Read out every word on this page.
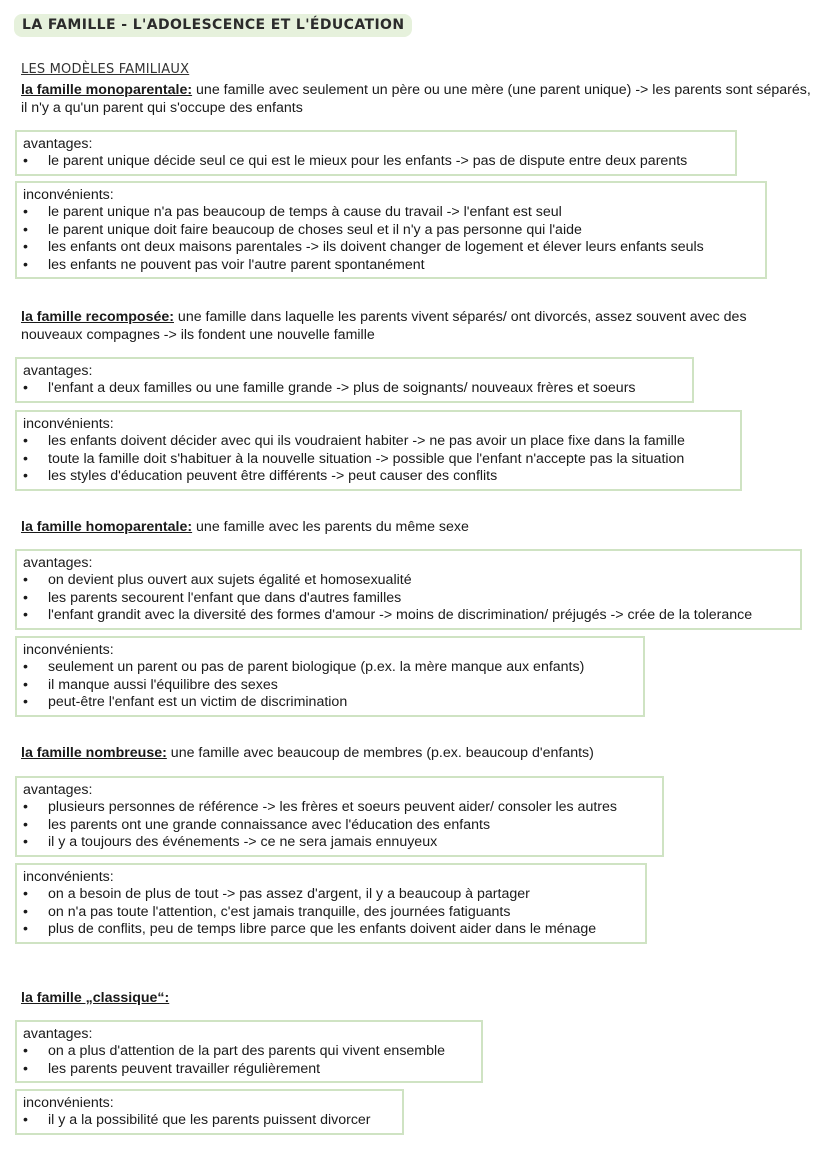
LA FAMILLE - L'ADOLESCENCE ET L'ÉDUCATION
LES MODÈLES FAMILIAUX

la famille monoparentale: une famille avec seulement un père ou une mère (une parent unique) -> les parents sont séparés, il n'y a qu'un parent qui s'occupe des enfants

avantages:
• le parent unique décide seul ce qui est le mieux pour les enfants -> pas de dispute entre deux parents
inconvénients:
• le parent unique n'a pas beaucoup de temps à cause du travail -> l'enfant est seul
• le parent unique doit faire beaucoup de choses seul et il n'y a pas personne qui l'aide
• les enfants ont deux maisons parentales -> ils doivent changer de logement et élever leurs enfants seuls
• les enfants ne pouvent pas voir l'autre parent spontanément

la famille recomposée: une famille dans laquelle les parents vivent séparés/ ont divorcés, assez souvent avec des nouveaux compagnes -> ils fondent une nouvelle famille

avantages:
• l'enfant a deux familles ou une famille grande -> plus de soignants/ nouveaux frères et soeurs
inconvénients:
• les enfants doivent décider avec qui ils voudraient habiter -> ne pas avoir un place fixe dans la famille
• toute la famille doit s'habituer à la nouvelle situation -> possible que l'enfant n'accepte pas la situation
• les styles d'éducation peuvent être différents -> peut causer des conflits

la famille homoparentale: une famille avec les parents du même sexe

avantages:
• on devient plus ouvert aux sujets égalité et homosexualité
• les parents secourent l'enfant que dans d'autres familles
• l'enfant grandit avec la diversité des formes d'amour -> moins de discrimination/ préjugés -> crée de la tolerance
inconvénients:
• seulement un parent ou pas de parent biologique (p.ex. la mère manque aux enfants)
• il manque aussi l'équilibre des sexes
• peut-être l'enfant est un victim de discrimination

la famille nombreuse: une famille avec beaucoup de membres (p.ex. beaucoup d'enfants)

avantages:
• plusieurs personnes de référence -> les frères et soeurs peuvent aider/ consoler les autres
• les parents ont une grande connaissance avec l'éducation des enfants
• il y a toujours des événements -> ce ne sera jamais ennuyeux
inconvénients:
• on a besoin de plus de tout -> pas assez d'argent, il y a beaucoup à partager
• on n'a pas toute l'attention, c'est jamais tranquille, des journées fatiguants
• plus de conflits, peu de temps libre parce que les enfants doivent aider dans le ménage

la famille „classique“:

avantages:
• on a plus d'attention de la part des parents qui vivent ensemble
• les parents peuvent travailler régulièrement
inconvénients:
• il y a la possibilité que les parents puissent divorcer
